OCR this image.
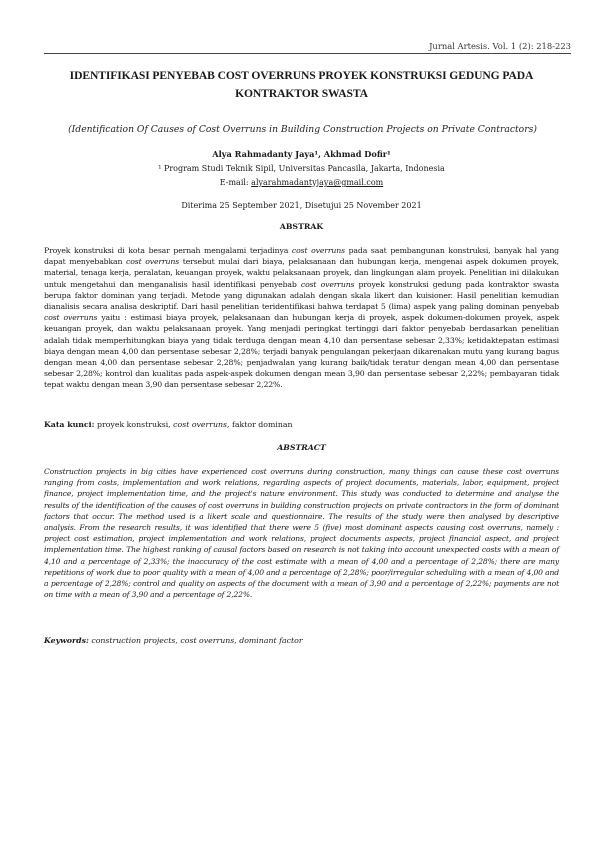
Jurnal Artesis. Vol. 1 (2): 218-223
IDENTIFIKASI PENYEBAB COST OVERRUNS PROYEK KONSTRUKSI GEDUNG PADA KONTRAKTOR SWASTA
(Identification Of Causes of Cost Overruns in Building Construction Projects on Private Contractors)
Alya Rahmadanty Jaya¹, Akhmad Dofir¹
¹ Program Studi Teknik Sipil, Universitas Pancasila, Jakarta, Indonesia
E-mail: alyarahmadantyjaya@gmail.com
Diterima 25 September 2021, Disetujui 25 November 2021
ABSTRAK

Proyek konstruksi di kota besar pernah mengalami terjadinya cost overruns pada saat pembangunan konstruksi, banyak hal yang dapat menyebabkan cost overruns tersebut mulai dari biaya, pelaksanaan dan hubungan kerja, mengenai aspek dokumen proyek, material, tenaga kerja, peralatan, keuangan proyek, waktu pelaksanaan proyek, dan lingkungan alam proyek. Penelitian ini dilakukan untuk mengetahui dan menganalisis hasil identifikasi penyebab cost overruns proyek konstruksi gedung pada kontraktor swasta berupa faktor dominan yang terjadi. Metode yang digunakan adalah dengan skala likert dan kuisioner. Hasil penelitian kemudian dianalisis secara analisa deskriptif. Dari hasil penelitian teridentifikasi bahwa terdapat 5 (lima) aspek yang paling dominan penyebab cost overruns yaitu : estimasi biaya proyek, pelaksanaan dan hubungan kerja di proyek, aspek dokumen-dokumen proyek, aspek keuangan proyek, dan waktu pelaksanaan proyek. Yang menjadi peringkat tertinggi dari faktor penyebab berdasarkan penelitian adalah tidak memperhitungkan biaya yang tidak terduga dengan mean 4,10 dan persentase sebesar 2,33%; ketidaktepatan estimasi biaya dengan mean 4,00 dan persentase sebesar 2,28%; terjadi banyak pengulangan pekerjaan dikarenakan mutu yang kurang bagus dengan mean 4,00 dan persentase sebesar 2,28%; penjadwalan yang kurang baik/tidak teratur dengan mean 4,00 dan persentase sebesar 2,28%; kontrol dan kualitas pada aspek-aspek dokumen dengan mean 3,90 dan persentase sebesar 2,22%; pembayaran tidak tepat waktu dengan mean 3,90 dan persentase sebesar 2,22%.

Kata kunci: proyek konstruksi, cost overruns, faktor dominan

ABSTRACT

Construction projects in big cities have experienced cost overruns during construction, many things can cause these cost overruns ranging from costs, implementation and work relations, regarding aspects of project documents, materials, labor, equipment, project finance, project implementation time, and the project's nature environment. This study was conducted to determine and analyse the results of the identification of the causes of cost overruns in building construction projects on private contractors in the form of dominant factors that occur. The method used is a likert scale and questionnaire. The results of the study were then analysed by descriptive analysis. From the research results, it was identified that there were 5 (five) most dominant aspects causing cost overruns, namely : project cost estimation, project implementation and work relations, project documents aspects, project financial aspect, and project implementation time. The highest ranking of causal factors based on research is not taking into account unexpected costs with a mean of 4,10 and a percentage of 2,33%; the inaccuracy of the cost estimate with a mean of 4,00 and a percentage of 2,28%; there are many repetitions of work due to poor quality with a mean of 4,00 and a percentage of 2,28%; poor/irregular scheduling with a mean of 4,00 and a percentage of 2,28%; control and quality on aspects of the document with a mean of 3,90 and a percentage of 2,22%; payments are not on time with a mean of 3,90 and a percentage of 2,22%.

Keywords: construction projects, cost overruns, dominant factor
